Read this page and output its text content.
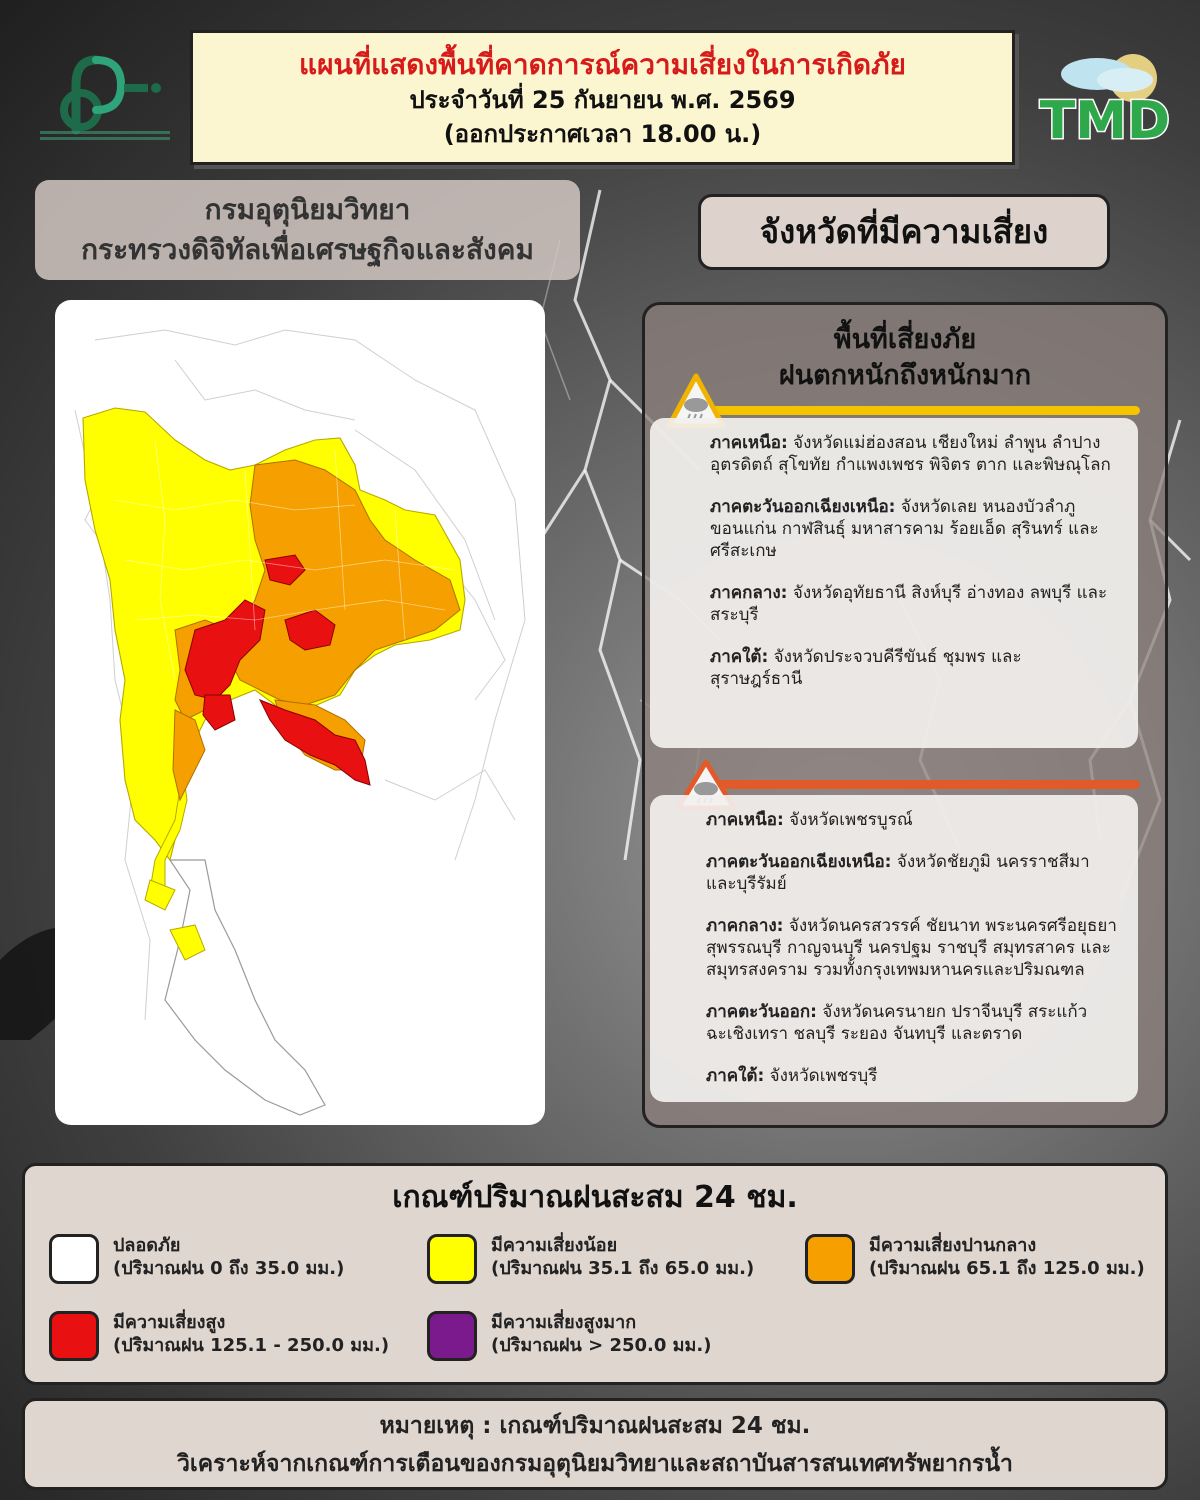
แผนที่แสดงพื้นที่คาดการณ์ความเสี่ยงในการเกิดภัย
ประจำวันที่ 25 กันยายน พ.ศ. 2569
(ออกประกาศเวลา 18.00 น.)	TMD
กรมอุตุนิยมวิทยา
กระทรวงดิจิทัลเพื่อเศรษฐกิจและสังคม	จังหวัดที่มีความเสี่ยง
พื้นที่เสี่ยงภัย
ฝนตกหนักถึงหนักมาก

ภาคเหนือ: จังหวัดแม่ฮ่องสอน เชียงใหม่ ลำพูน ลำปาง อุตรดิตถ์ สุโขทัย กำแพงเพชร พิจิตร ตาก และพิษณุโลก

ภาคตะวันออกเฉียงเหนือ: จังหวัดเลย หนองบัวลำภู ขอนแก่น กาฬสินธุ์ มหาสารคาม ร้อยเอ็ด สุรินทร์ และศรีสะเกษ

ภาคกลาง: จังหวัดอุทัยธานี สิงห์บุรี อ่างทอง ลพบุรี และสระบุรี

ภาคใต้: จังหวัดประจวบคีรีขันธ์ ชุมพร และ สุราษฎร์ธานี

ภาคเหนือ: จังหวัดเพชรบูรณ์

ภาคตะวันออกเฉียงเหนือ: จังหวัดชัยภูมิ นครราชสีมา และบุรีรัมย์

ภาคกลาง: จังหวัดนครสวรรค์ ชัยนาท พระนครศรีอยุธยา สุพรรณบุรี กาญจนบุรี นครปฐม ราชบุรี สมุทรสาคร และสมุทรสงคราม รวมทั้งกรุงเทพมหานครและปริมณฑล

ภาคตะวันออก: จังหวัดนครนายก ปราจีนบุรี สระแก้ว ฉะเชิงเทรา ชลบุรี ระยอง จันทบุรี และตราด

ภาคใต้: จังหวัดเพชรบุรี

เกณฑ์ปริมาณฝนสะสม 24 ชม.
ปลอดภัย
(ปริมาณฝน 0 ถึง 35.0 มม.)
มีความเสี่ยงน้อย
(ปริมาณฝน 35.1 ถึง 65.0 มม.)
มีความเสี่ยงปานกลาง
(ปริมาณฝน 65.1 ถึง 125.0 มม.)
มีความเสี่ยงสูง
(ปริมาณฝน 125.1 - 250.0 มม.)
มีความเสี่ยงสูงมาก
(ปริมาณฝน > 250.0 มม.)
หมายเหตุ : เกณฑ์ปริมาณฝนสะสม 24 ชม.
วิเคราะห์จากเกณฑ์การเตือนของกรมอุตุนิยมวิทยาและสถาบันสารสนเทศทรัพยากรน้ำ
